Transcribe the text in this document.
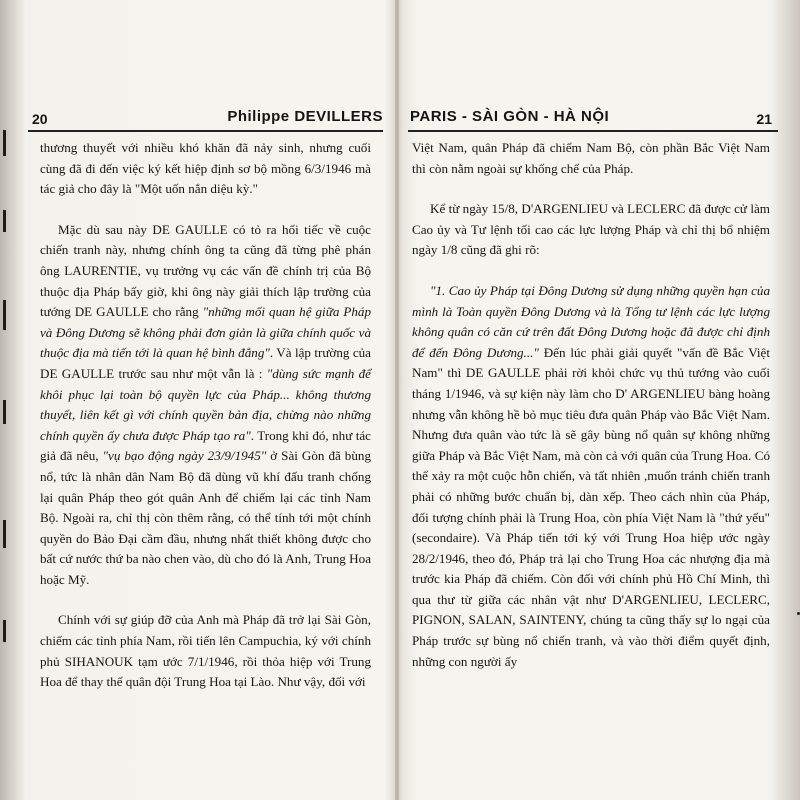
20	Philippe DEVILLERS

thương thuyết với nhiều khó khăn đã nảy sinh, nhưng cuối cùng đã đi đến việc ký kết hiệp định sơ bộ mồng 6/3/1946 mà tác giả cho đây là "Một uốn nắn diệu kỳ."

Mặc dù sau này DE GAULLE có tỏ ra hối tiếc về cuộc chiến tranh này, nhưng chính ông ta cũng đã từng phê phán ông LAURENTIE, vụ trưởng vụ các vấn đề chính trị của Bộ thuộc địa Pháp bấy giờ, khi ông này giải thích lập trường của tướng DE GAULLE cho rằng "những mối quan hệ giữa Pháp và Đông Dương sẽ không phải đơn giản là giữa chính quốc và thuộc địa mà tiến tới là quan hệ bình đẳng". Và lập trường của DE GAULLE trước sau như một vẫn là : "dùng sức mạnh để khôi phục lại toàn bộ quyền lực của Pháp... không thương thuyết, liên kết gì với chính quyền bản địa, chừng nào những chính quyền ấy chưa được Pháp tạo ra". Trong khi đó, như tác giả đã nêu, "vụ bạo động ngày 23/9/1945" ở Sài Gòn đã bùng nổ, tức là nhân dân Nam Bộ đã dùng vũ khí đấu tranh chống lại quân Pháp theo gót quân Anh để chiếm lại các tỉnh Nam Bộ. Ngoài ra, chỉ thị còn thêm rằng, có thể tính tới một chính quyền do Bảo Đại cầm đầu, nhưng nhất thiết không được cho bất cứ nước thứ ba nào chen vào, dù cho đó là Anh, Trung Hoa hoặc Mỹ.

Chính với sự giúp đỡ của Anh mà Pháp đã trở lại Sài Gòn, chiếm các tỉnh phía Nam, rồi tiến lên Campuchia, ký với chính phủ SIHANOUK tạm ước 7/1/1946, rồi thỏa hiệp với Trung Hoa để thay thế quân đội Trung Hoa tại Lào. Như vậy, đối với

PARIS - SÀI GÒN - HÀ NỘI	21

Việt Nam, quân Pháp đã chiếm Nam Bộ, còn phần Bắc Việt Nam thì còn nằm ngoài sự khống chế của Pháp.

Kể từ ngày 15/8, D'ARGENLIEU và LECLERC đã được cử làm Cao ủy và Tư lệnh tối cao các lực lượng Pháp và chỉ thị bổ nhiệm ngày 1/8 cũng đã ghi rõ:

"1. Cao ủy Pháp tại Đông Dương sử dụng những quyền hạn của mình là Toàn quyền Đông Dương và là Tổng tư lệnh các lực lượng không quân có căn cứ trên đất Đông Dương hoặc đã được chỉ định để đến Đông Dương..." Đến lúc phải giải quyết "vấn đề Bắc Việt Nam" thì DE GAULLE phải rời khỏi chức vụ thủ tướng vào cuối tháng 1/1946, và sự kiện này làm cho D' ARGENLIEU bàng hoàng nhưng vẫn không hề bỏ mục tiêu đưa quân Pháp vào Bắc Việt Nam. Nhưng đưa quân vào tức là sẽ gây bùng nổ quân sự không những giữa Pháp và Bắc Việt Nam, mà còn cả với quân của Trung Hoa. Có thể xảy ra một cuộc hỗn chiến, và tất nhiên ,muốn tránh chiến tranh phải có những bước chuẩn bị, dàn xếp. Theo cách nhìn của Pháp, đối tượng chính phải là Trung Hoa, còn phía Việt Nam là "thứ yếu" (secondaire). Và Pháp tiến tới ký với Trung Hoa hiệp ước ngày 28/2/1946, theo đó, Pháp trả lại cho Trung Hoa các nhượng địa mà trước kia Pháp đã chiếm. Còn đối với chính phủ Hồ Chí Minh, thì qua thư từ giữa các nhân vật như D'ARGENLIEU, LECLERC, PIGNON, SALAN, SAINTENY, chúng ta cũng thấy sự lo ngại của Pháp trước sự bùng nổ chiến tranh, và vào thời điểm quyết định, những con người ấy
